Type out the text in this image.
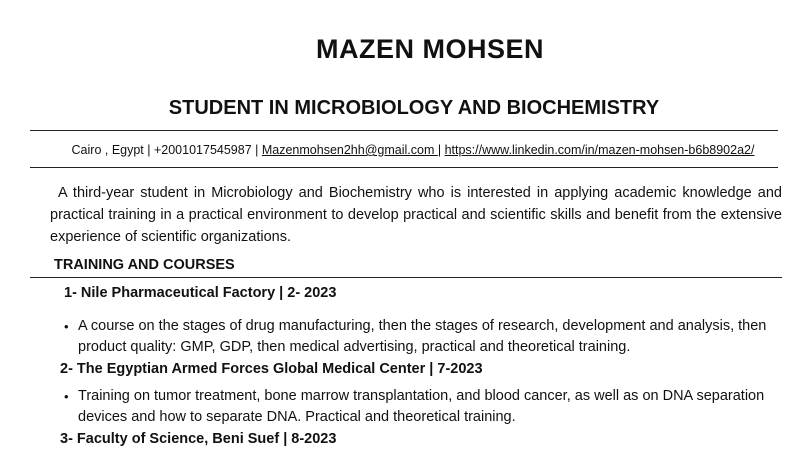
MAZEN MOHSEN
STUDENT IN MICROBIOLOGY AND BIOCHEMISTRY
Cairo , Egypt | +2001017545987 | Mazenmohsen2hh@gmail.com | https://www.linkedin.com/in/mazen-mohsen-b6b8902a2/
A third-year student in Microbiology and Biochemistry who is interested in applying academic knowledge and practical training in a practical environment to develop practical and scientific skills and benefit from the extensive experience of scientific organizations.
TRAINING AND COURSES
1- Nile Pharmaceutical Factory | 2- 2023
• A course on the stages of drug manufacturing, then the stages of research, development and analysis, then product quality: GMP, GDP, then medical advertising, practical and theoretical training.
2- The Egyptian Armed Forces Global Medical Center | 7-2023
• Training on tumor treatment, bone marrow transplantation, and blood cancer, as well as on DNA separation devices and how to separate DNA. Practical and theoretical training.
3- Faculty of Science, Beni Suef | 8-2023
